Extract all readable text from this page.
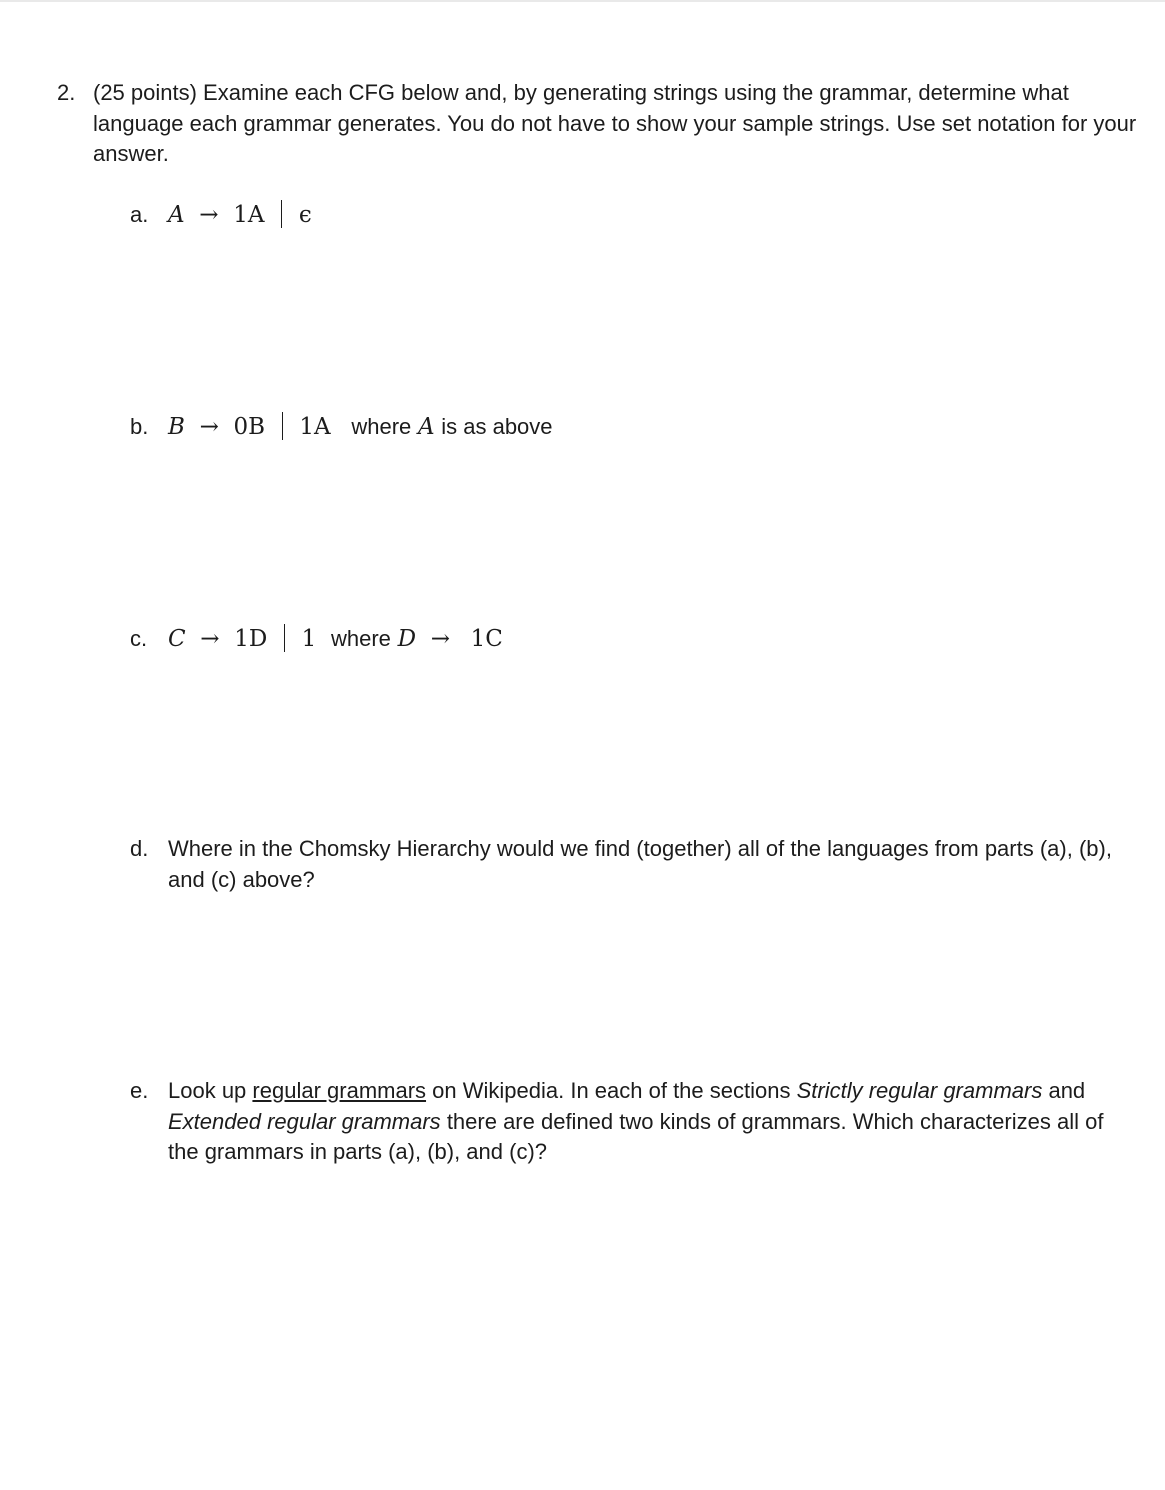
2. (25 points) Examine each CFG below and, by generating strings using the grammar, determine what language each grammar generates. You do not have to show your sample strings. Use set notation for your answer.
a. A → 1A ϵ
b. B → 0B 1A where A is as above
c. C → 1D 1 where D → 1C
d. Where in the Chomsky Hierarchy would we find (together) all of the languages from parts (a), (b), and (c) above?
e. Look up regular grammars on Wikipedia. In each of the sections Strictly regular grammars and Extended regular grammars there are defined two kinds of grammars. Which characterizes all of the grammars in parts (a), (b), and (c)?
